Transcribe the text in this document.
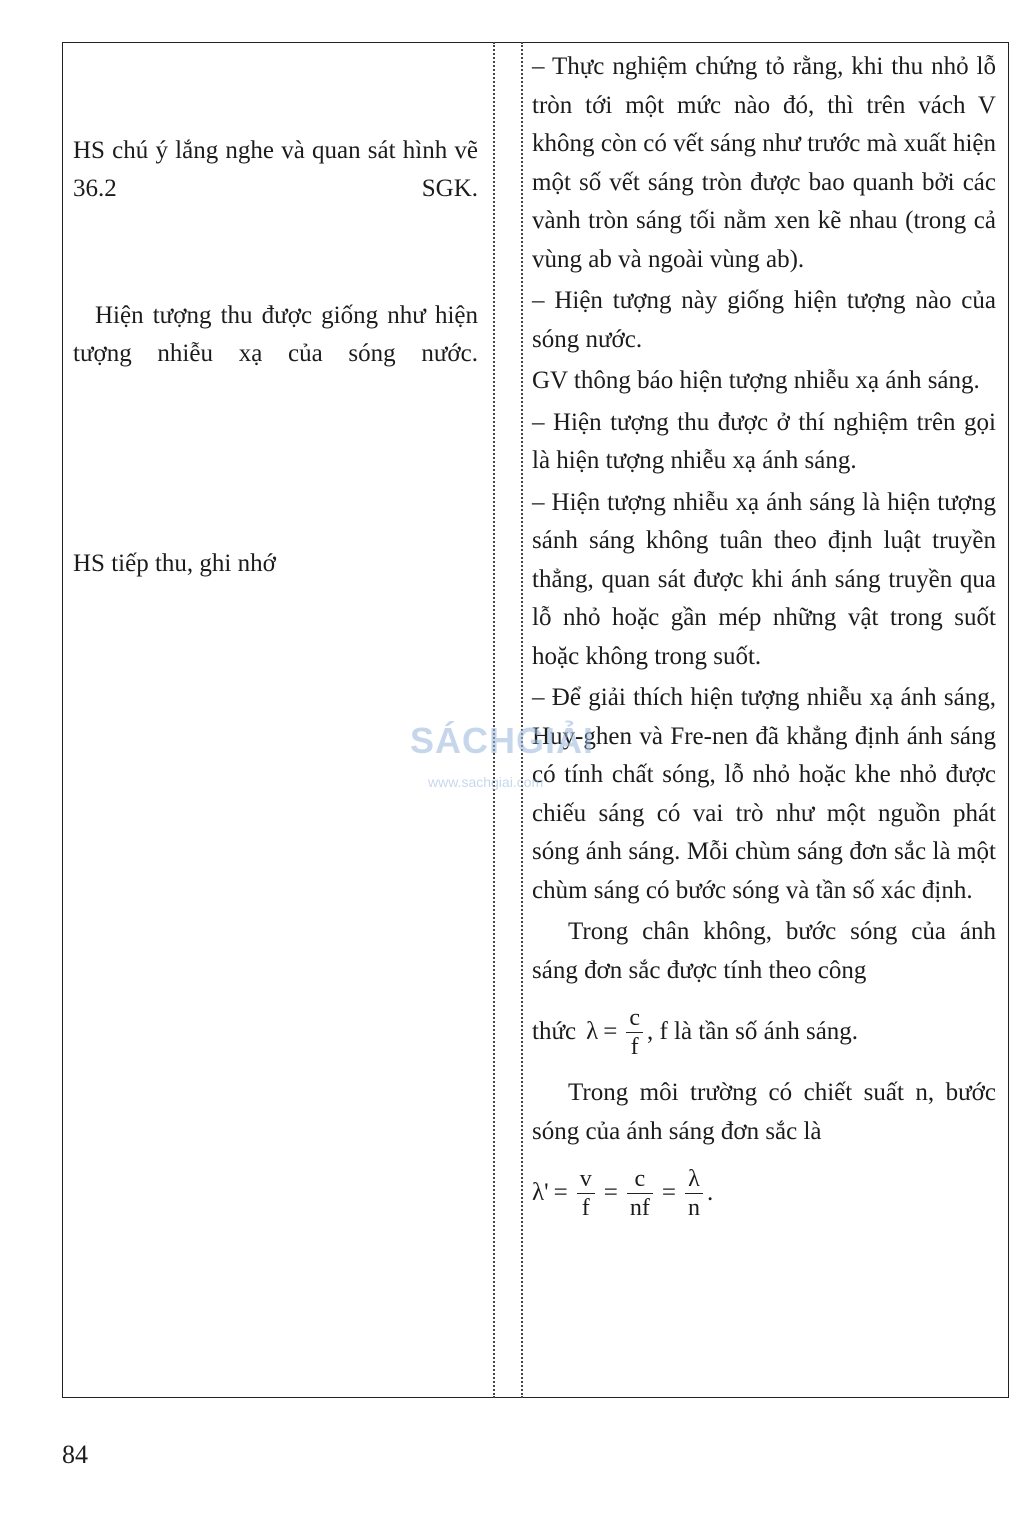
HS chú ý lắng nghe và quan sát hình vẽ 36.2 SGK.

Hiện tượng thu được giống như hiện tượng nhiễu xạ của sóng nước.

HS tiếp thu, ghi nhớ

– Thực nghiệm chứng tỏ rằng, khi thu nhỏ lỗ tròn tới một mức nào đó, thì trên vách V không còn có vết sáng như trước mà xuất hiện một số vết sáng tròn được bao quanh bởi các vành tròn sáng tối nằm xen kẽ nhau (trong cả vùng ab và ngoài vùng ab).

– Hiện tượng này giống hiện tượng nào của sóng nước.

GV thông báo hiện tượng nhiễu xạ ánh sáng.

– Hiện tượng thu được ở thí nghiệm trên gọi là hiện tượng nhiễu xạ ánh sáng.

– Hiện tượng nhiễu xạ ánh sáng là hiện tượng sánh sáng không tuân theo định luật truyền thẳng, quan sát được khi ánh sáng truyền qua lỗ nhỏ hoặc gần mép những vật trong suốt hoặc không trong suốt.

– Để giải thích hiện tượng nhiễu xạ ánh sáng, Huy-ghen và Fre-nen đã khẳng định ánh sáng có tính chất sóng, lỗ nhỏ hoặc khe nhỏ được chiếu sáng có vai trò như một nguồn phát sóng ánh sáng. Mỗi chùm sáng đơn sắc là một chùm sáng có bước sóng và tần số xác định.

Trong chân không, bước sóng của ánh sáng đơn sắc được tính theo công

thức $\lambda = \frac{c}{f}$ , f là tần số ánh sáng.

Trong môi trường có chiết suất n, bước sóng của ánh sáng đơn sắc là

$\lambda' = \frac{v}{f} = \frac{c}{nf} = \frac{\lambda}{n}$ .
SÁCHGIẢI
www.sachgiai.com
84
